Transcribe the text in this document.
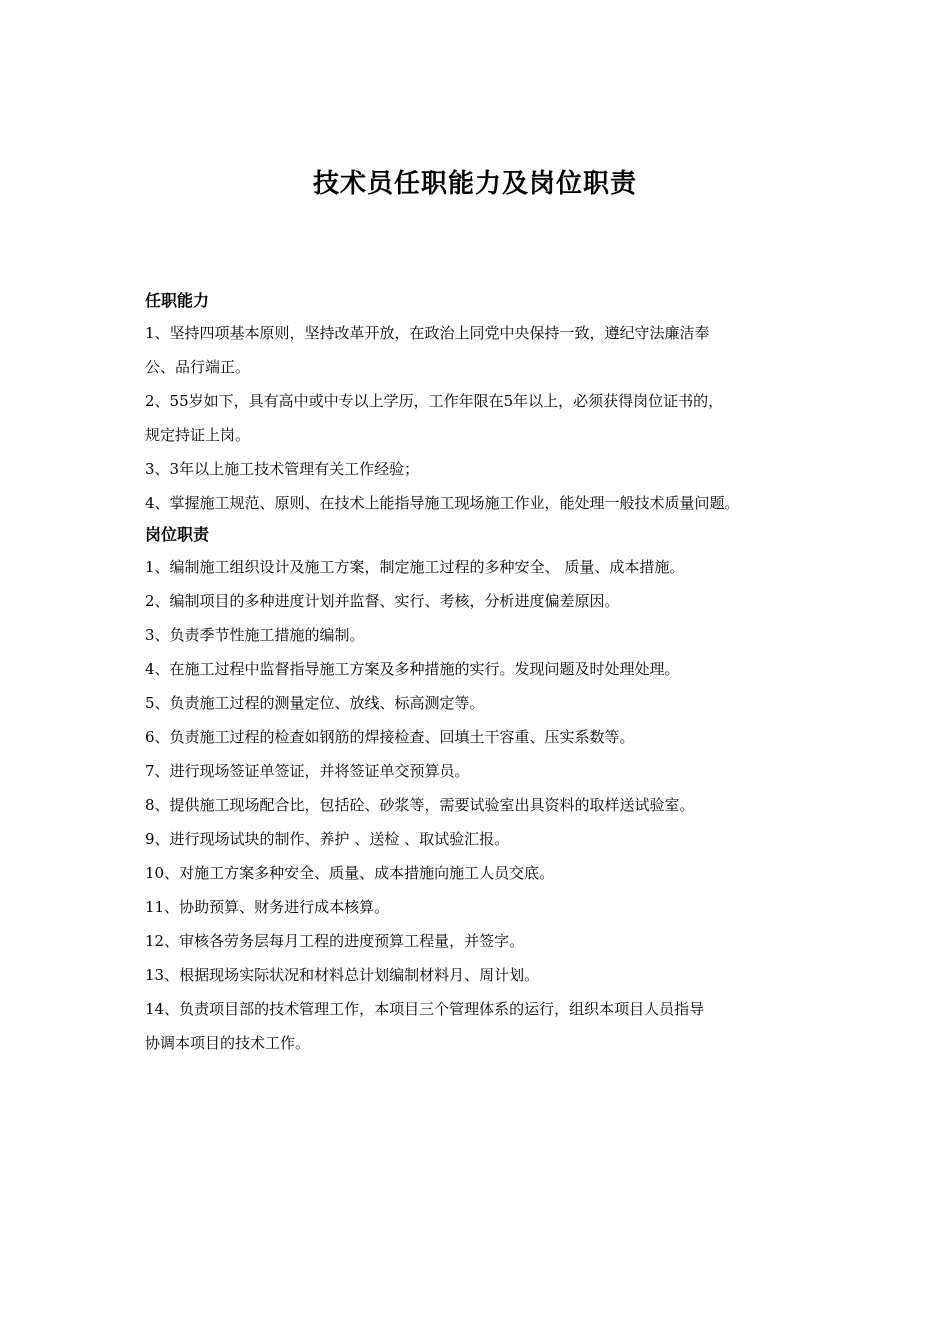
技术员任职能力及岗位职责
任职能力
1、坚持四项基本原则，坚持改革开放，在政治上同党中央保持一致，遵纪守法廉洁奉
公、品行端正。
2、55岁如下，具有高中或中专以上学历，工作年限在5年以上，必须获得岗位证书的，
规定持证上岗。
3、3年以上施工技术管理有关工作经验；
4、掌握施工规范、原则、在技术上能指导施工现场施工作业，能处理一般技术质量问题。
岗位职责
1、编制施工组织设计及施工方案，制定施工过程的多种安全、 质量、成本措施。
2、编制项目的多种进度计划并监督、实行、考核，分析进度偏差原因。
3、负责季节性施工措施的编制。
4、在施工过程中监督指导施工方案及多种措施的实行。发现问题及时处理处理。
5、负责施工过程的测量定位、放线、标高测定等。
6、负责施工过程的检查如钢筋的焊接检查、回填土干容重、压实系数等。
7、进行现场签证单签证，并将签证单交预算员。
8、提供施工现场配合比，包括砼、砂浆等，需要试验室出具资料的取样送试验室。
9、进行现场试块的制作、养护 、送检 、取试验汇报。
10、对施工方案多种安全、质量、成本措施向施工人员交底。
11、协助预算、财务进行成本核算。
12、审核各劳务层每月工程的进度预算工程量，并签字。
13、根据现场实际状况和材料总计划编制材料月、周计划。
14、负责项目部的技术管理工作，本项目三个管理体系的运行，组织本项目人员指导
协调本项目的技术工作。
